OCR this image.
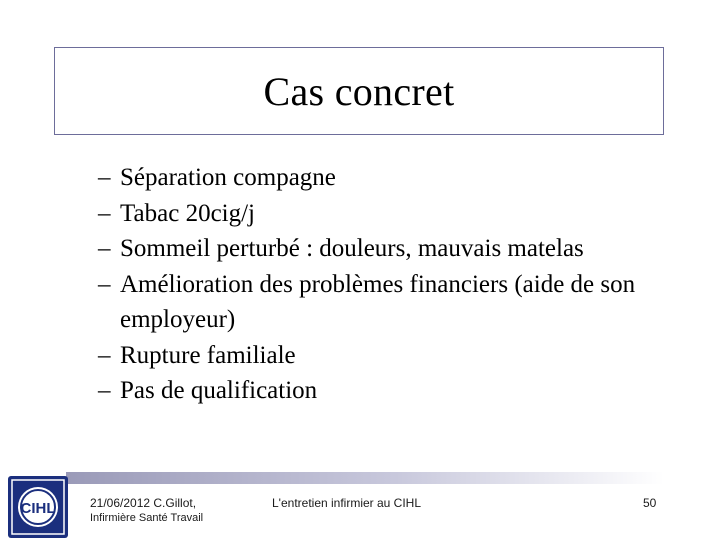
Cas concret
– Séparation compagne
– Tabac 20cig/j
– Sommeil perturbé : douleurs, mauvais matelas
– Amélioration des problèmes financiers (aide de son employeur)
– Rupture familiale
– Pas de qualification
CIHL	21/06/2012 C.Gillot,
Infirmière Santé Travail
L'entretien infirmier au CIHL	50
